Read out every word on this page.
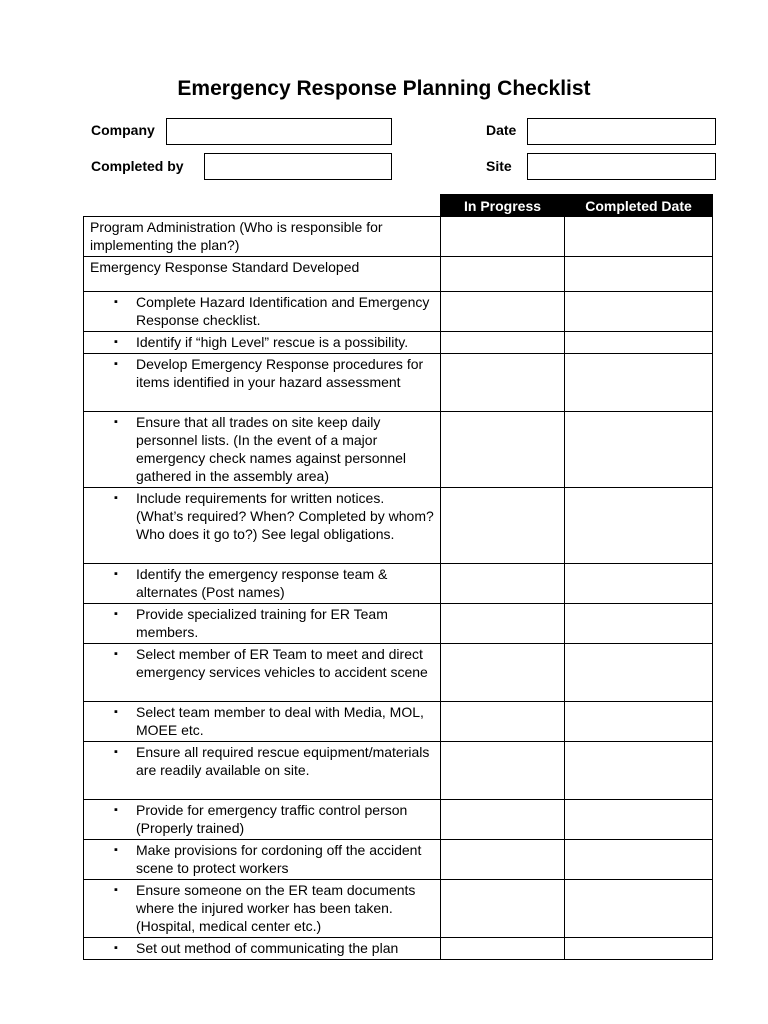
Emergency Response Planning Checklist
Company	Date
Completed by	Site
	In Progress	Completed Date
Program Administration (Who is responsible for implementing the plan?)		
Emergency Response Standard Developed		

▪ Complete Hazard Identification and Emergency Response checklist.		

▪ Identify if “high Level” rescue is a possibility.		

▪ Develop Emergency Response procedures for items identified in your hazard assessment		

▪ Ensure that all trades on site keep daily personnel lists. (In the event of a major emergency check names against personnel gathered in the assembly area)		

▪ Include requirements for written notices. (What’s required? When? Completed by whom? Who does it go to?) See legal obligations.		

▪ Identify the emergency response team & alternates (Post names)		

▪ Provide specialized training for ER Team members.		

▪ Select member of ER Team to meet and direct emergency services vehicles to accident scene		

▪ Select team member to deal with Media, MOL, MOEE etc.		

▪ Ensure all required rescue equipment/materials are readily available on site.		

▪ Provide for emergency traffic control person (Properly trained)		

▪ Make provisions for cordoning off the accident scene to protect workers		

▪ Ensure someone on the ER team documents where the injured worker has been taken. (Hospital, medical center etc.)		

▪ Set out method of communicating the plan		
